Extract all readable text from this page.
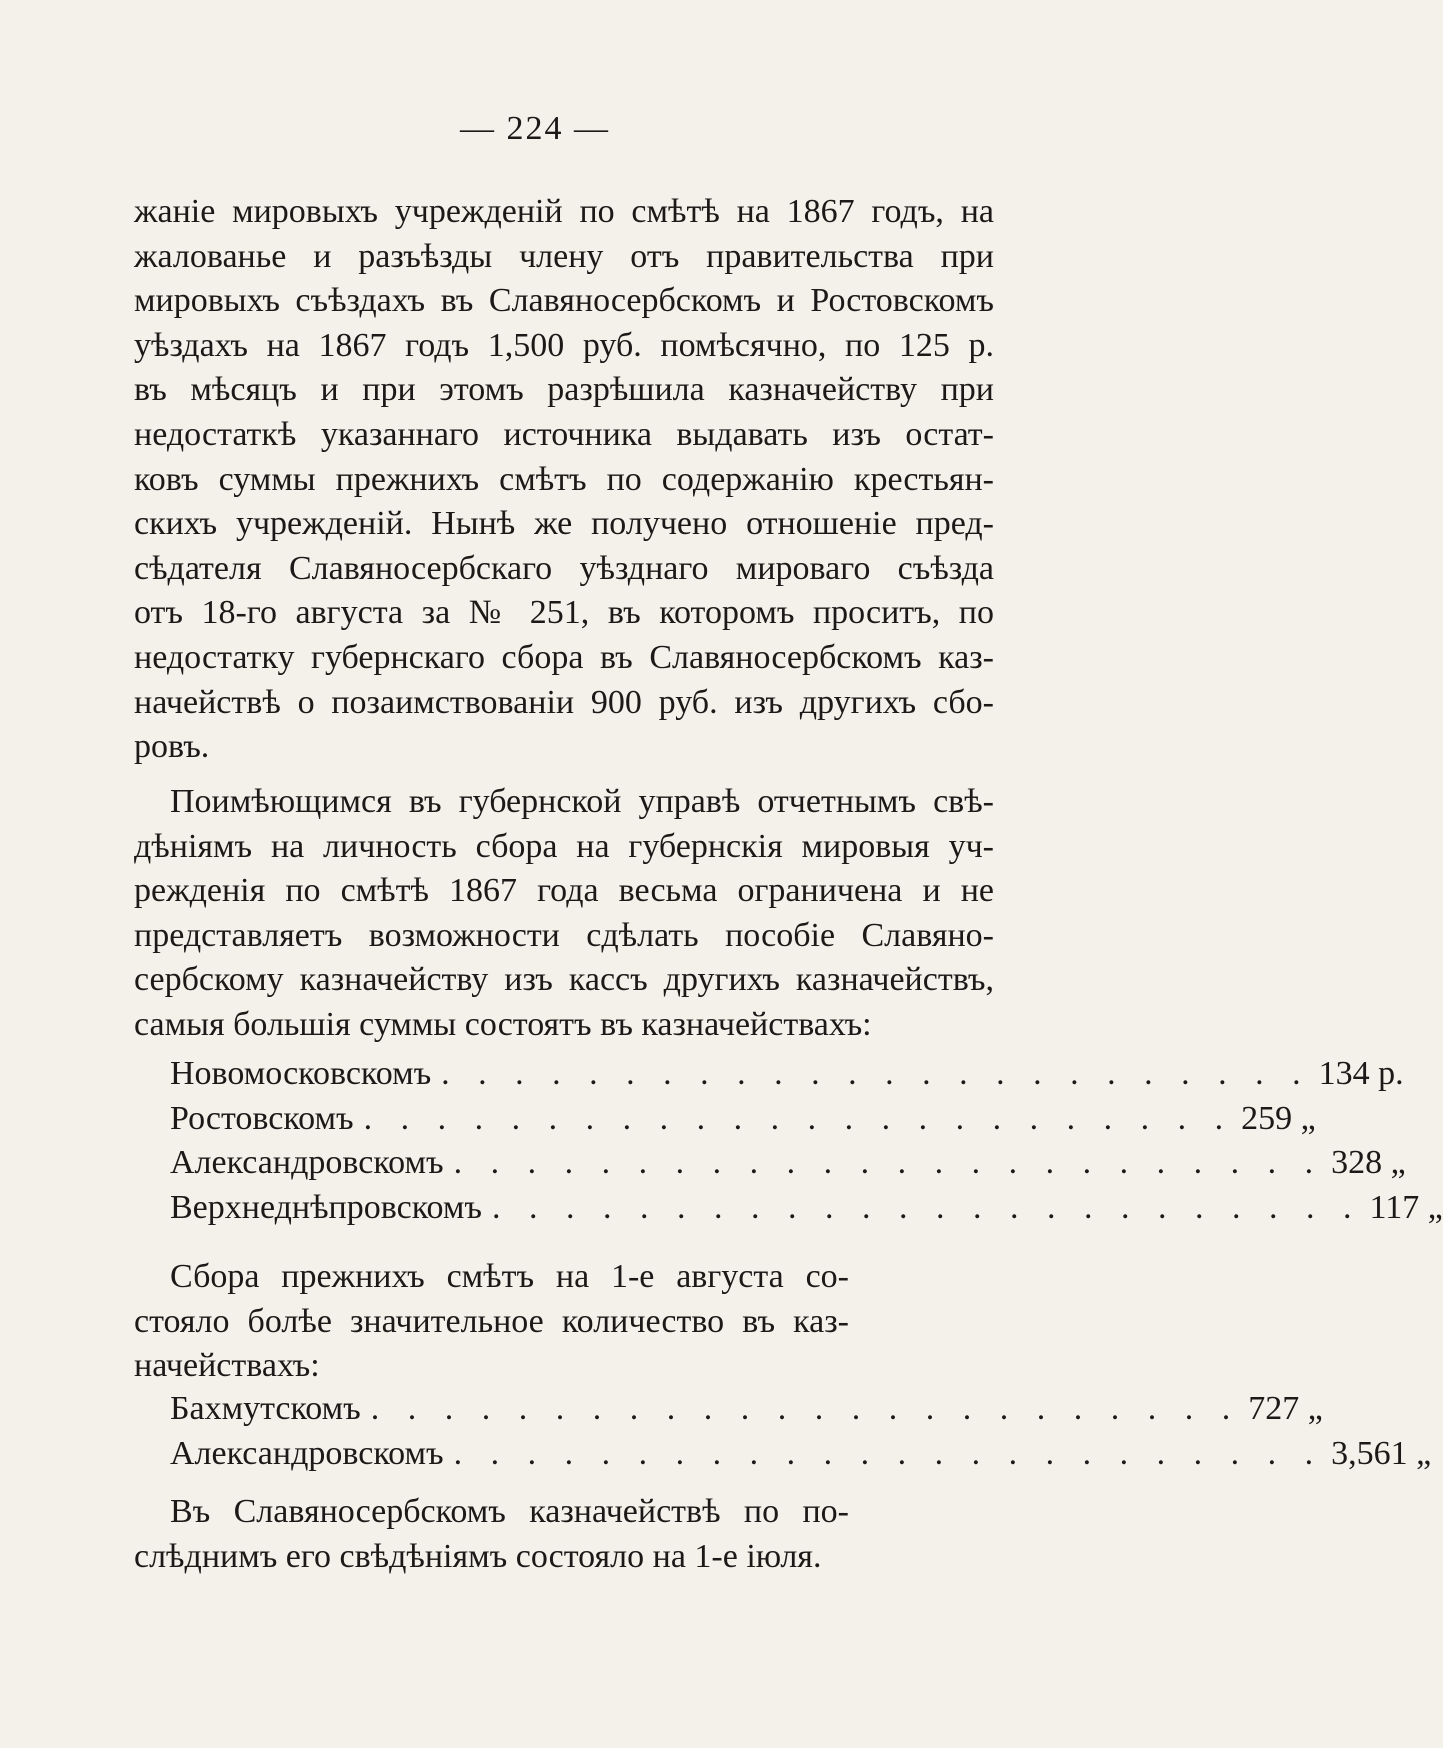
— 224 —
жаніе мировыхъ учрежденій по смѣтѣ на 1867 годъ, на
жалованье и разъѣзды члену отъ правительства при
мировыхъ съѣздахъ въ Славяносербскомъ и Ростовскомъ
уѣздахъ на 1867 годъ 1,500 руб. помѣсячно, по 125 р.
въ мѣсяцъ и при этомъ разрѣшила казначейству при
недостаткѣ указаннаго источника выдавать изъ остат-
ковъ суммы прежнихъ смѣтъ по содержанію крестьян-
скихъ учрежденій. Нынѣ же получено отношеніе пред-
сѣдателя Славяносербскаго уѣзднаго мироваго съѣзда
отъ 18-го августа за № 251, въ которомъ проситъ, по
недостатку губернскаго сбора въ Славяносербскомъ каз-
начействѣ о позаимствованіи 900 руб. изъ другихъ сбо-
ровъ.
Поимѣющимся въ губернской управѣ отчетнымъ свѣ-
дѣніямъ на личность сбора на губернскія мировыя уч-
режденія по смѣтѣ 1867 года весьма ограничена и не
представляетъ возможности сдѣлать пособіе Славяно-
сербскому казначейству изъ кассъ другихъ казначействъ,
самыя большія суммы состоятъ въ казначействахъ:
Новомосковскомъ . . . . . . . . . . . . . . . . . . . . . . . . 134 р.
Ростовскомъ . . . . . . . . . . . . . . . . . . . . . . . . 259 „
Александровскомъ . . . . . . . . . . . . . . . . . . . . . . . . 328 „
Верхнеднѣпровскомъ . . . . . . . . . . . . . . . . . . . . . . . . 117 „
Сбора прежнихъ смѣтъ на 1-е августа со-
стояло болѣе значительное количество въ каз-
начействахъ:
Бахмутскомъ . . . . . . . . . . . . . . . . . . . . . . . . 727 „
Александровскомъ . . . . . . . . . . . . . . . . . . . . . . . . 3,561 „
Въ Славяносербскомъ казначействѣ по по-
слѣднимъ его свѣдѣніямъ состояло на 1-е іюля.
